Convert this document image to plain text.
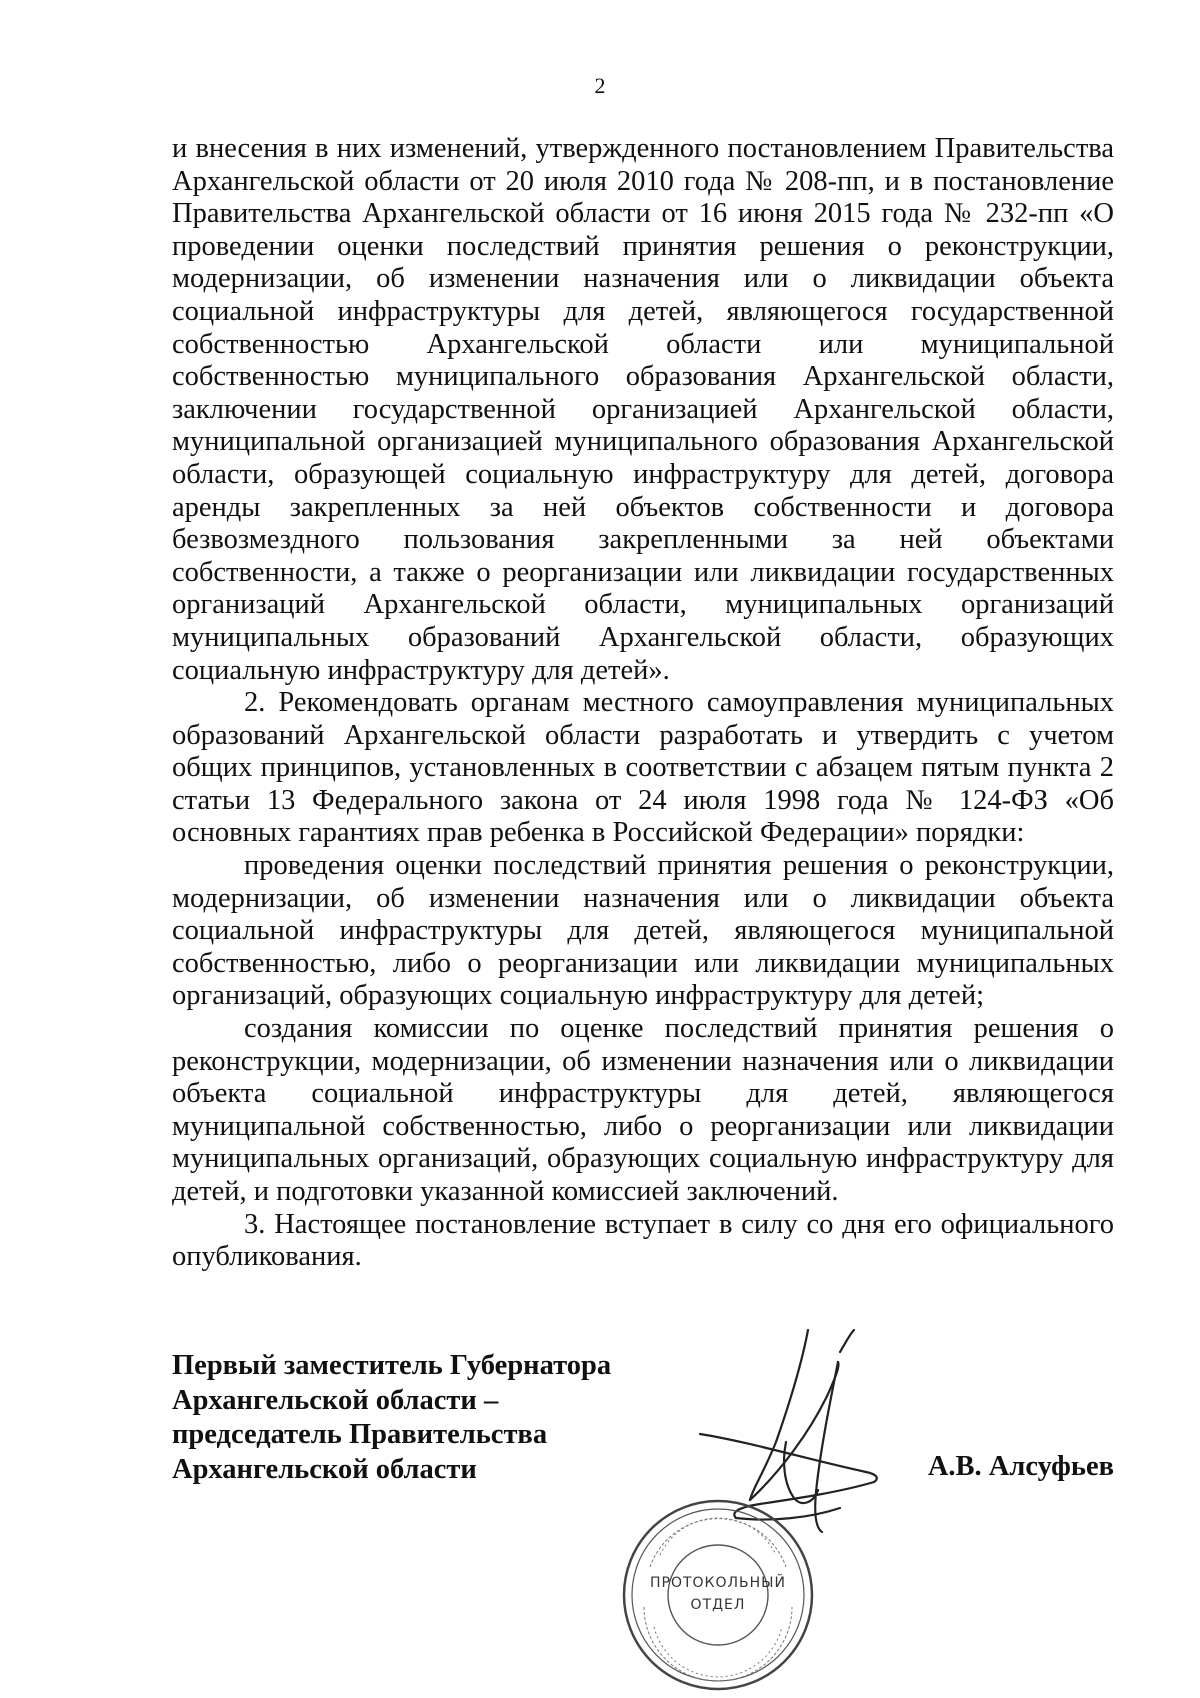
2

и внесения в них изменений, утвержденного постановлением Правительства Архангельской области от 20 июля 2010 года № 208-пп, и в постановление Правительства Архангельской области от 16 июня 2015 года № 232-пп «О проведении оценки последствий принятия решения о реконструкции, модернизации, об изменении назначения или о ликвидации объекта социальной инфраструктуры для детей, являющегося государственной собственностью Архангельской области или муниципальной собственностью муниципального образования Архангельской области, заключении государственной организацией Архангельской области, муниципальной организацией муниципального образования Архангельской области, образующей социальную инфраструктуру для детей, договора аренды закрепленных за ней объектов собственности и договора безвозмездного пользования закрепленными за ней объектами собственности, а также о реорганизации или ликвидации государственных организаций Архангельской области, муниципальных организаций муниципальных образований Архангельской области, образующих социальную инфраструктуру для детей».

2. Рекомендовать органам местного самоуправления муниципальных образований Архангельской области разработать и утвердить с учетом общих принципов, установленных в соответствии с абзацем пятым пункта 2 статьи 13 Федерального закона от 24 июля 1998 года № 124-ФЗ «Об основных гарантиях прав ребенка в Российской Федерации» порядки:

проведения оценки последствий принятия решения о реконструкции, модернизации, об изменении назначения или о ликвидации объекта социальной инфраструктуры для детей, являющегося муниципальной собственностью, либо о реорганизации или ликвидации муниципальных организаций, образующих социальную инфраструктуру для детей;

создания комиссии по оценке последствий принятия решения о реконструкции, модернизации, об изменении назначения или о ликвидации объекта социальной инфраструктуры для детей, являющегося муниципальной собственностью, либо о реорганизации или ликвидации муниципальных организаций, образующих социальную инфраструктуру для детей, и подготовки указанной комиссией заключений.

3. Настоящее постановление вступает в силу со дня его официального опубликования.

Первый заместитель Губернатора
Архангельской области –
председатель Правительства
Архангельской области	А.В. Алсуфьев
ПРОТОКОЛЬНЫЙ
ОТДЕЛ
